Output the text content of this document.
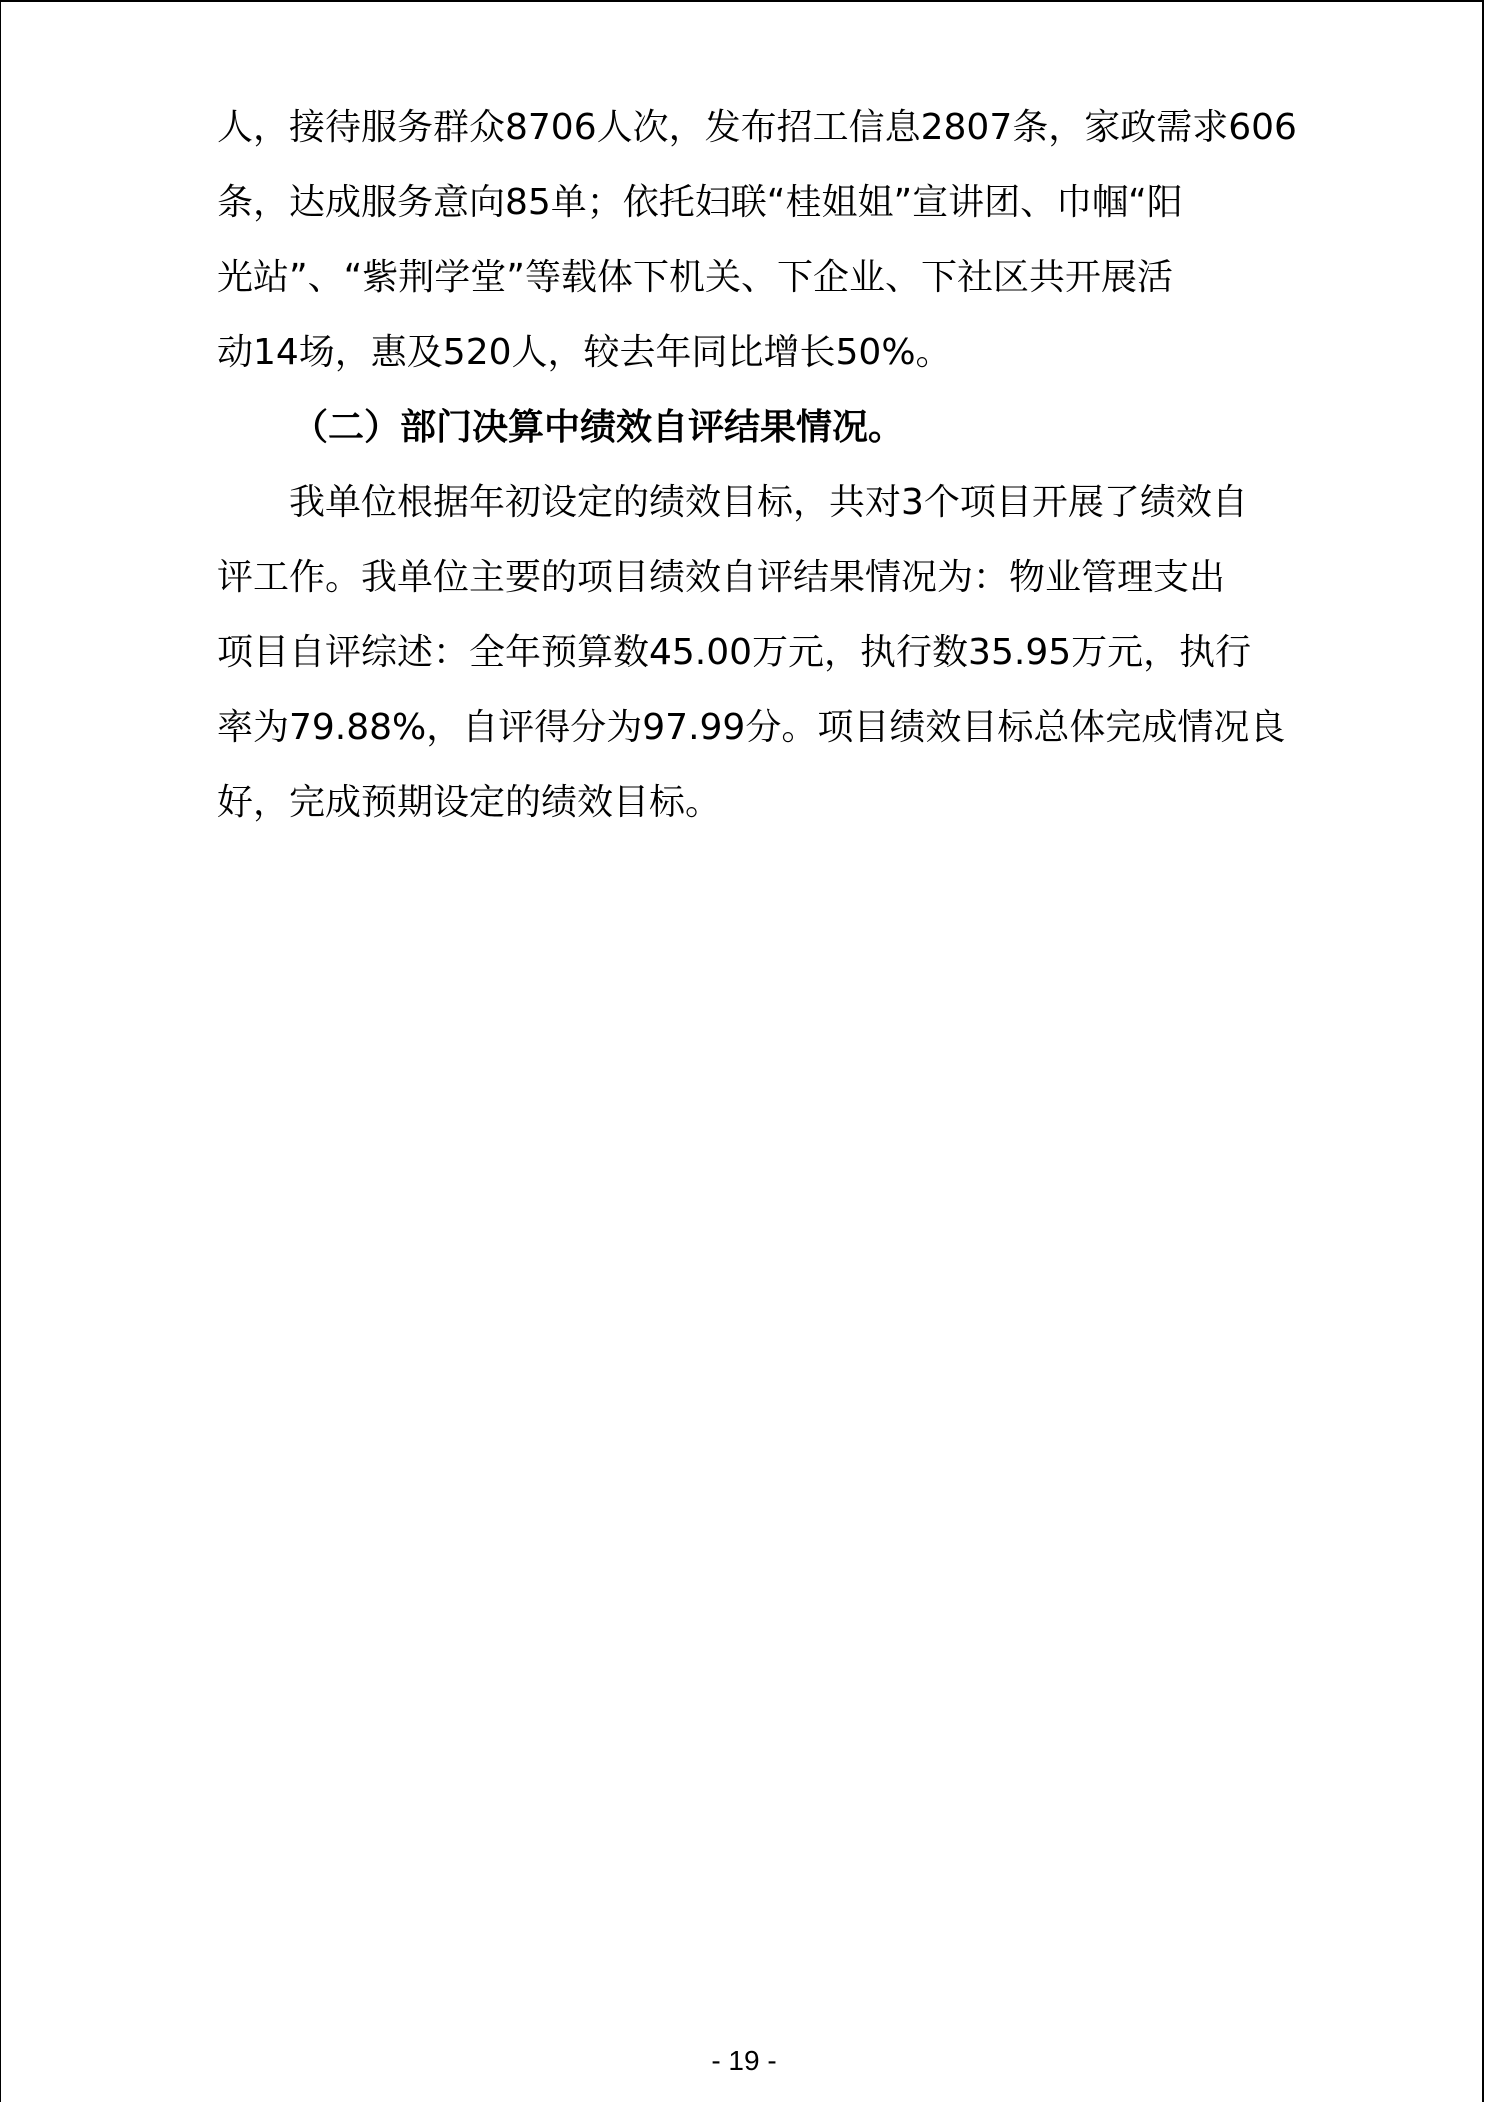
人，接待服务群众8706人次，发布招工信息2807条，家政需求606
条，达成服务意向85单；依托妇联“桂姐姐”宣讲团、巾帼“阳
光站”、“紫荆学堂”等载体下机关、下企业、下社区共开展活
动14场，惠及520人，较去年同比增长50%。
（二）部门决算中绩效自评结果情况。
　　我单位根据年初设定的绩效目标，共对3个项目开展了绩效自
评工作。我单位主要的项目绩效自评结果情况为：物业管理支出
项目自评综述：全年预算数45.00万元，执行数35.95万元，执行
率为79.88%，自评得分为97.99分。项目绩效目标总体完成情况良
好，完成预期设定的绩效目标。
- 19 -
